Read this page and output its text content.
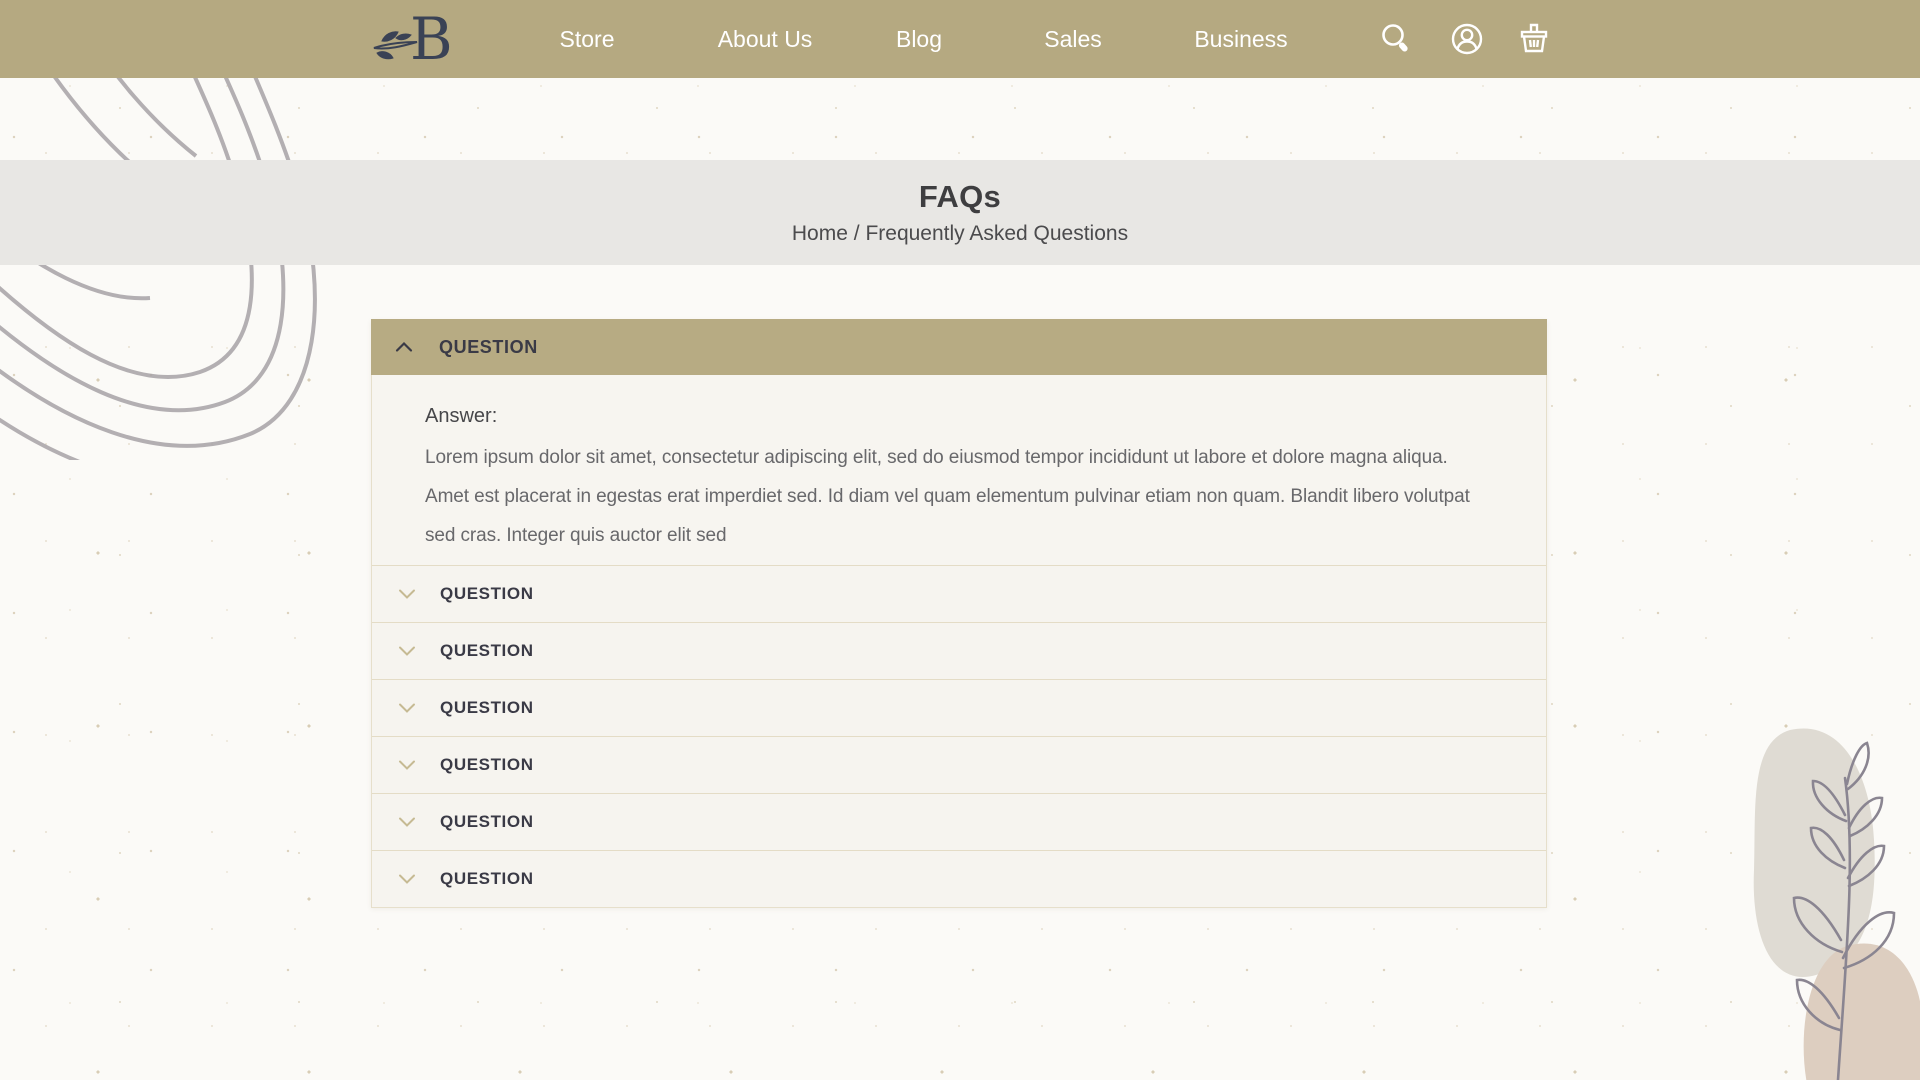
B	Store	About Us	Blog	Sales	Business
FAQs
Home / Frequently Asked Questions
QUESTION
Answer:
Lorem ipsum dolor sit amet, consectetur adipiscing elit, sed do eiusmod tempor incididunt ut labore et dolore magna aliqua. Amet est placerat in egestas erat imperdiet sed. Id diam vel quam elementum pulvinar etiam non quam. Blandit libero volutpat sed cras. Integer quis auctor elit sed
QUESTION
QUESTION
QUESTION
QUESTION
QUESTION
QUESTION
